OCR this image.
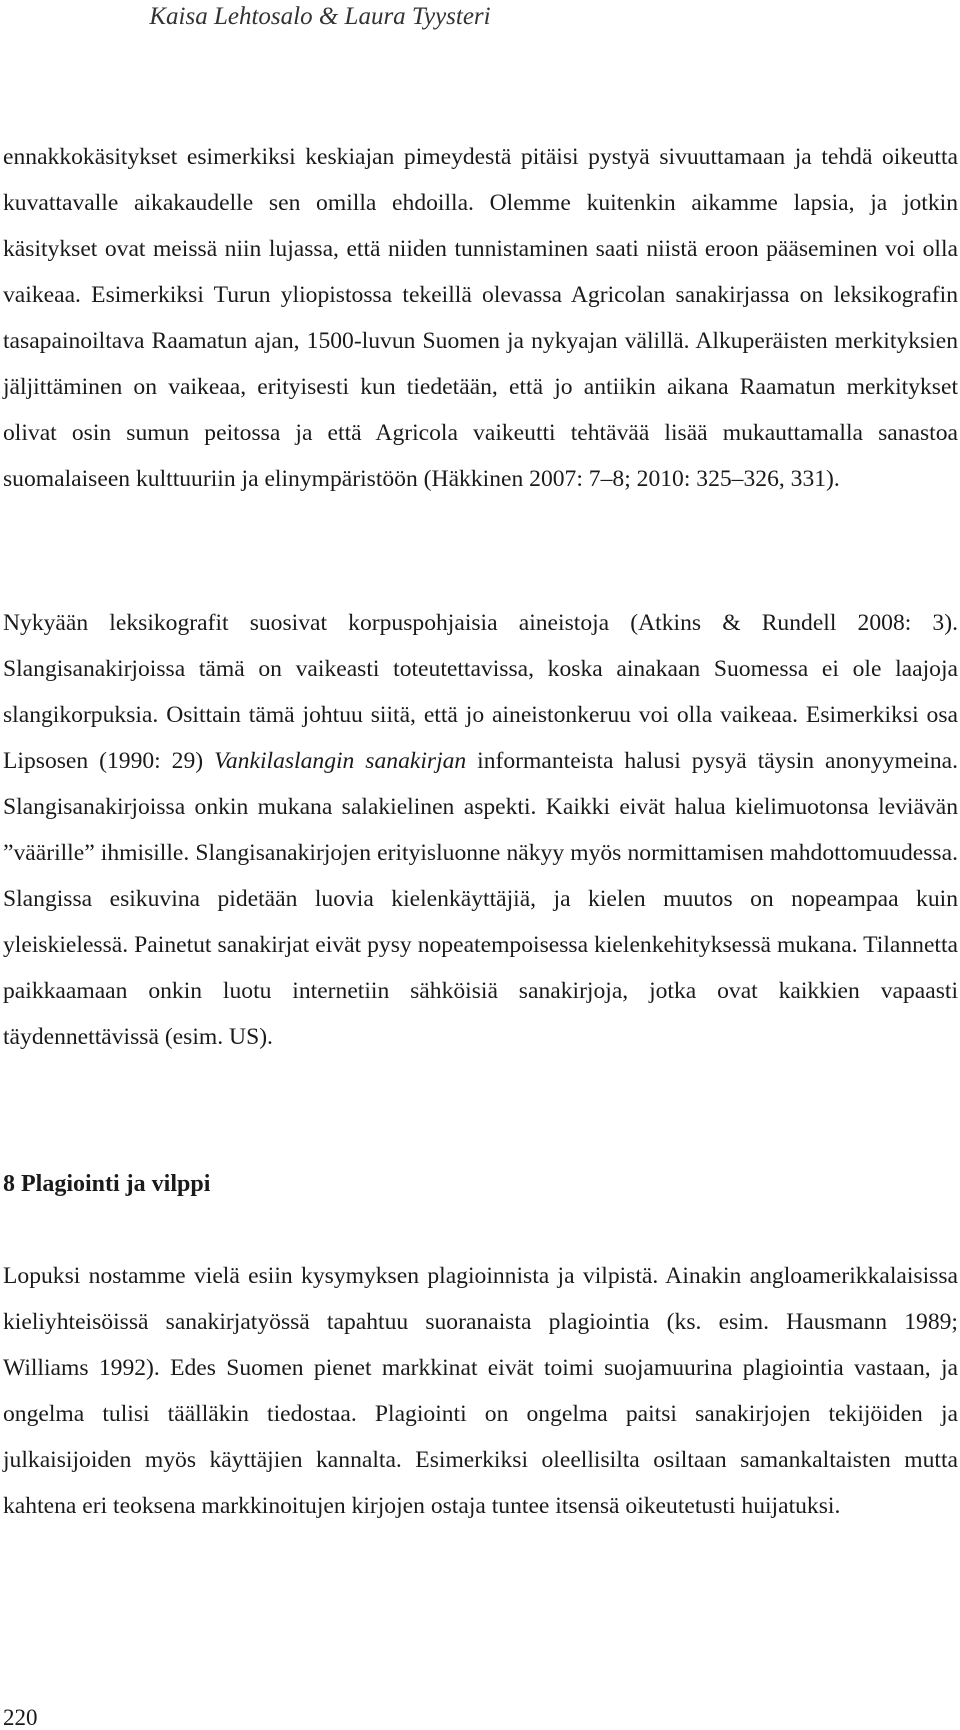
Kaisa Lehtosalo & Laura Tyysteri

ennakkokäsitykset esimerkiksi keskiajan pimeydestä pitäisi pystyä sivuuttamaan ja tehdä oikeutta kuvattavalle aikakaudelle sen omilla ehdoilla. Olemme kuitenkin aikamme lapsia, ja jotkin käsitykset ovat meissä niin lujassa, että niiden tunnistaminen saati niistä eroon pääseminen voi olla vaikeaa. Esimerkiksi Turun yliopistossa tekeillä olevassa Agricolan sanakirjassa on leksikografin tasapainoiltava Raamatun ajan, 1500-luvun Suomen ja nykyajan välillä. Alkuperäisten merkityksien jäljittäminen on vaikeaa, erityisesti kun tiedetään, että jo antiikin aikana Raamatun merkitykset olivat osin sumun peitossa ja että Agricola vaikeutti tehtävää lisää mukauttamalla sanastoa suomalaiseen kulttuuriin ja elinympäristöön (Häkkinen 2007: 7–8; 2010: 325–326, 331).

Nykyään leksikografit suosivat korpuspohjaisia aineistoja (Atkins & Rundell 2008: 3). Slangisanakirjoissa tämä on vaikeasti toteutettavissa, koska ainakaan Suomessa ei ole laajoja slangikorpuksia. Osittain tämä johtuu siitä, että jo aineistonkeruu voi olla vaikeaa. Esimerkiksi osa Lipsosen (1990: 29) Vankilaslangin sanakirjan informanteista halusi pysyä täysin anonyymeina. Slangisanakirjoissa onkin mukana salakielinen aspekti. Kaikki eivät halua kielimuotonsa leviävän ”väärille” ihmisille. Slangisanakirjojen erityisluonne näkyy myös normittamisen mahdottomuudessa. Slangissa esikuvina pidetään luovia kielenkäyttäjiä, ja kielen muutos on nopeampaa kuin yleiskielessä. Painetut sanakirjat eivät pysy nopeatempoisessa kielenkehityksessä mukana. Tilannetta paikkaamaan onkin luotu internetiin sähköisiä sanakirjoja, jotka ovat kaikkien vapaasti täydennettävissä (esim. US).

8 Plagiointi ja vilppi

Lopuksi nostamme vielä esiin kysymyksen plagioinnista ja vilpistä. Ainakin angloamerikkalaisissa kieliyhteisöissä sanakirjatyössä tapahtuu suoranaista plagiointia (ks. esim. Hausmann 1989; Williams 1992). Edes Suomen pienet markkinat eivät toimi suojamuurina plagiointia vastaan, ja ongelma tulisi täälläkin tiedostaa. Plagiointi on ongelma paitsi sanakirjojen tekijöiden ja julkaisijoiden myös käyttäjien kannalta. Esimerkiksi oleellisilta osiltaan samankaltaisten mutta kahtena eri teoksena markkinoitujen kirjojen ostaja tuntee itsensä oikeutetusti huijatuksi.

220
